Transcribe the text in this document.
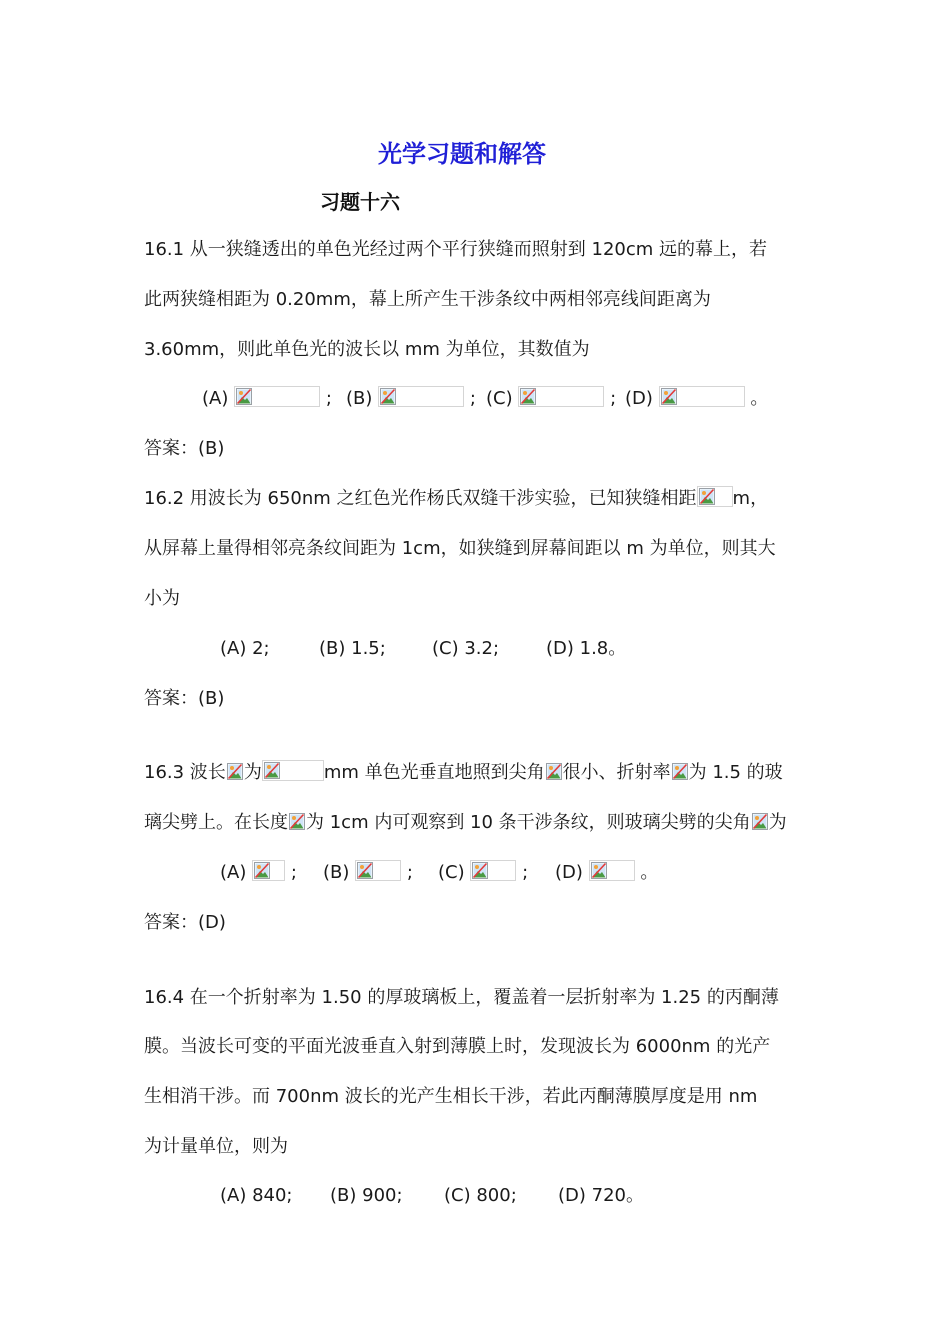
光学习题和解答
习题十六
16.1 从一狭缝透出的单色光经过两个平行狭缝而照射到 120cm 远的幕上，若
此两狭缝相距为 0.20mm，幕上所产生干涉条纹中两相邻亮线间距离为
3.60mm，则此单色光的波长以 mm 为单位，其数值为
(A)	; (B)	; (C)	; (D)	。
答案：(B)
16.2 用波长为 650nm 之红色光作杨氏双缝干涉实验，已知狭缝相距 m，
从屏幕上量得相邻亮条纹间距为 1cm，如狭缝到屏幕间距以 m 为单位，则其大
小为
(A) 2;	(B) 1.5;	(C) 3.2;	(D) 1.8。
答案：(B)
16.3 波长 为	mm 单色光垂直地照到尖角 很小、折射率 为 1.5 的玻
璃尖劈上。在长度 为 1cm 内可观察到 10 条干涉条纹，则玻璃尖劈的尖角 为
(A) ; (B)	; (C)	; (D)	。
答案：(D)
16.4 在一个折射率为 1.50 的厚玻璃板上，覆盖着一层折射率为 1.25 的丙酮薄
膜。当波长可变的平面光波垂直入射到薄膜上时，发现波长为 6000nm 的光产
生相消干涉。而 700nm 波长的光产生相长干涉，若此丙酮薄膜厚度是用 nm
为计量单位，则为
(A) 840; (B) 900; (C) 800; (D) 720。
